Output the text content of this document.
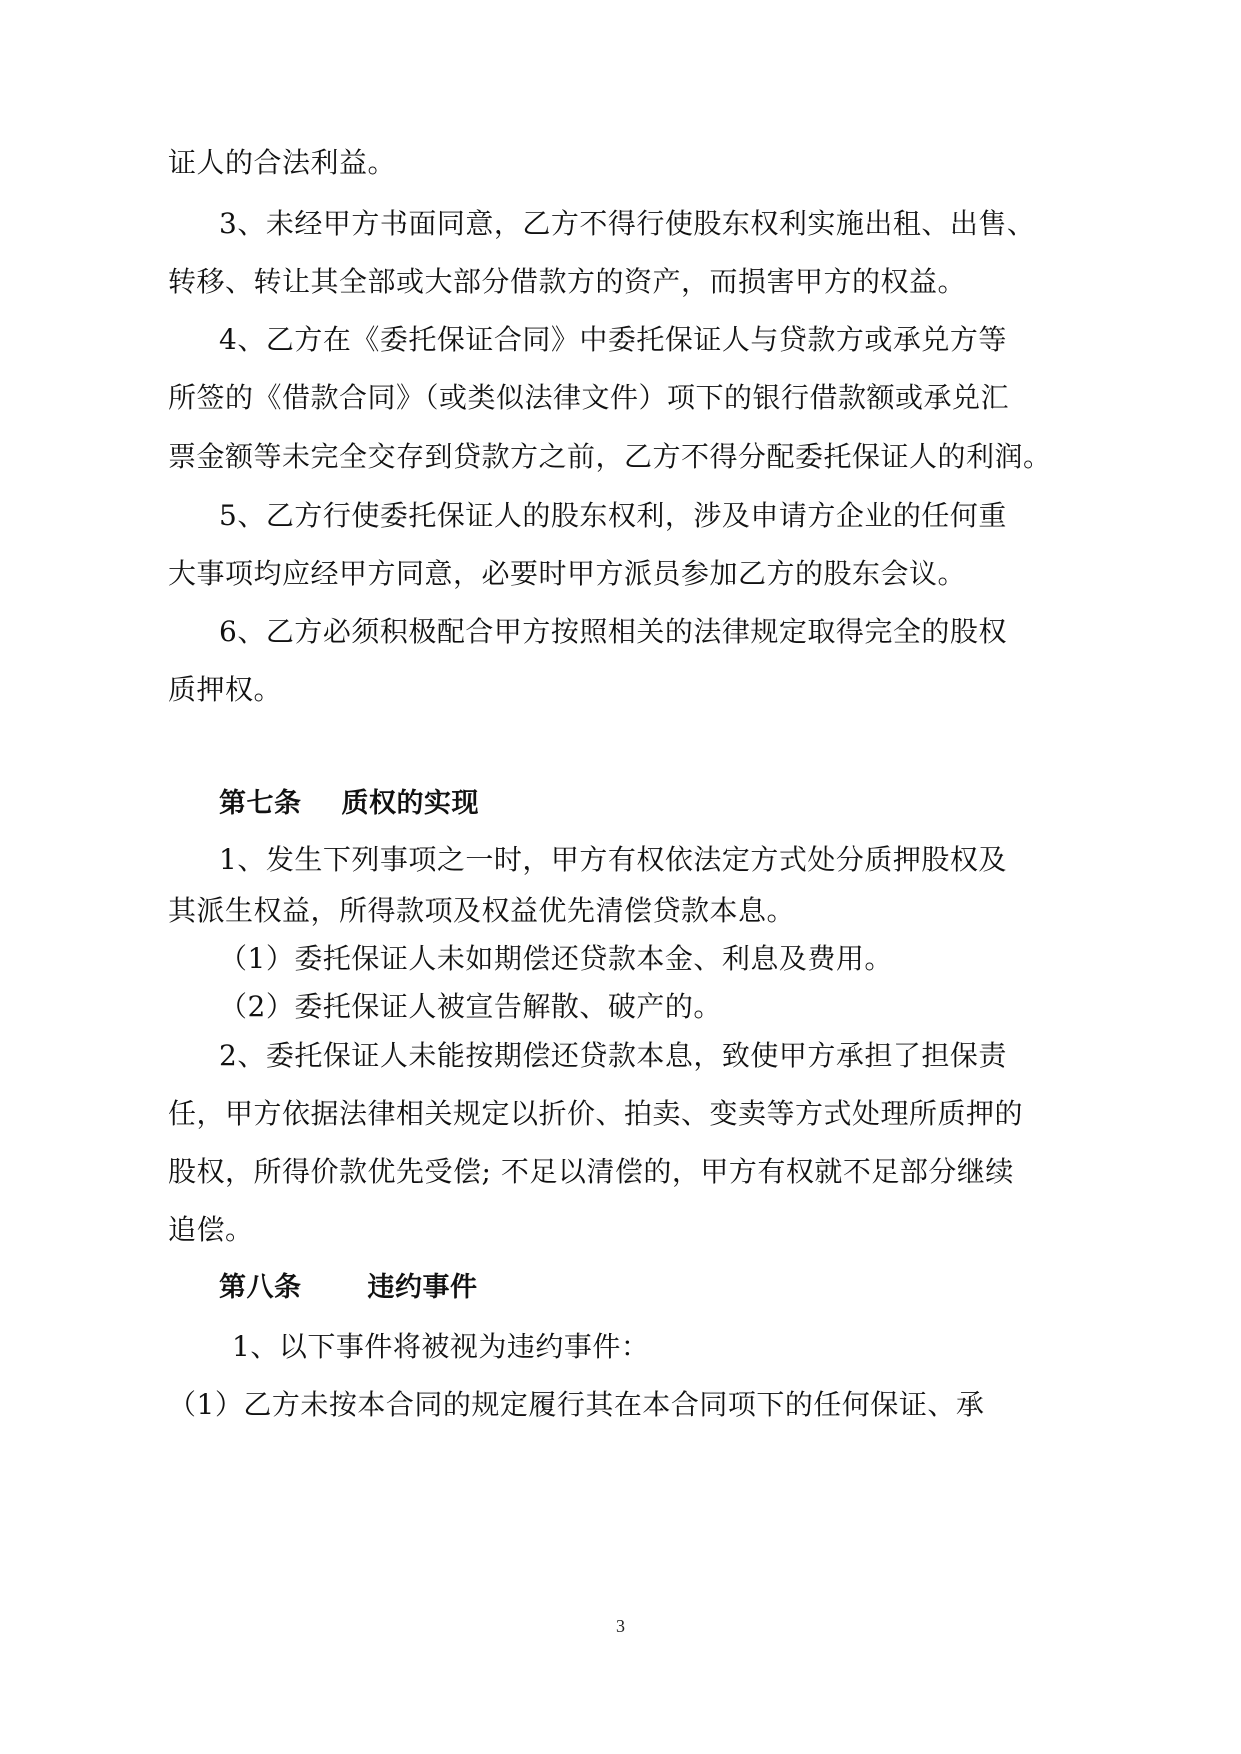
证人的合法利益。
3、未经甲方书面同意，乙方不得行使股东权利实施出租、出售、
转移、转让其全部或大部分借款方的资产，而损害甲方的权益。
4、乙方在《委托保证合同》中委托保证人与贷款方或承兑方等
所签的《借款合同》（或类似法律文件）项下的银行借款额或承兑汇
票金额等未完全交存到贷款方之前，乙方不得分配委托保证人的利润。
5、乙方行使委托保证人的股东权利，涉及申请方企业的任何重
大事项均应经甲方同意，必要时甲方派员参加乙方的股东会议。
6、乙方必须积极配合甲方按照相关的法律规定取得完全的股权
质押权。
第七条 质权的实现
1、发生下列事项之一时，甲方有权依法定方式处分质押股权及
其派生权益，所得款项及权益优先清偿贷款本息。
（1）委托保证人未如期偿还贷款本金、利息及费用。
（2）委托保证人被宣告解散、破产的。
2、委托保证人未能按期偿还贷款本息，致使甲方承担了担保责
任，甲方依据法律相关规定以折价、拍卖、变卖等方式处理所质押的
股权，所得价款优先受偿; 不足以清偿的，甲方有权就不足部分继续
追偿。
第八条 违约事件
1、以下事件将被视为违约事件：
（1）乙方未按本合同的规定履行其在本合同项下的任何保证、承
3
